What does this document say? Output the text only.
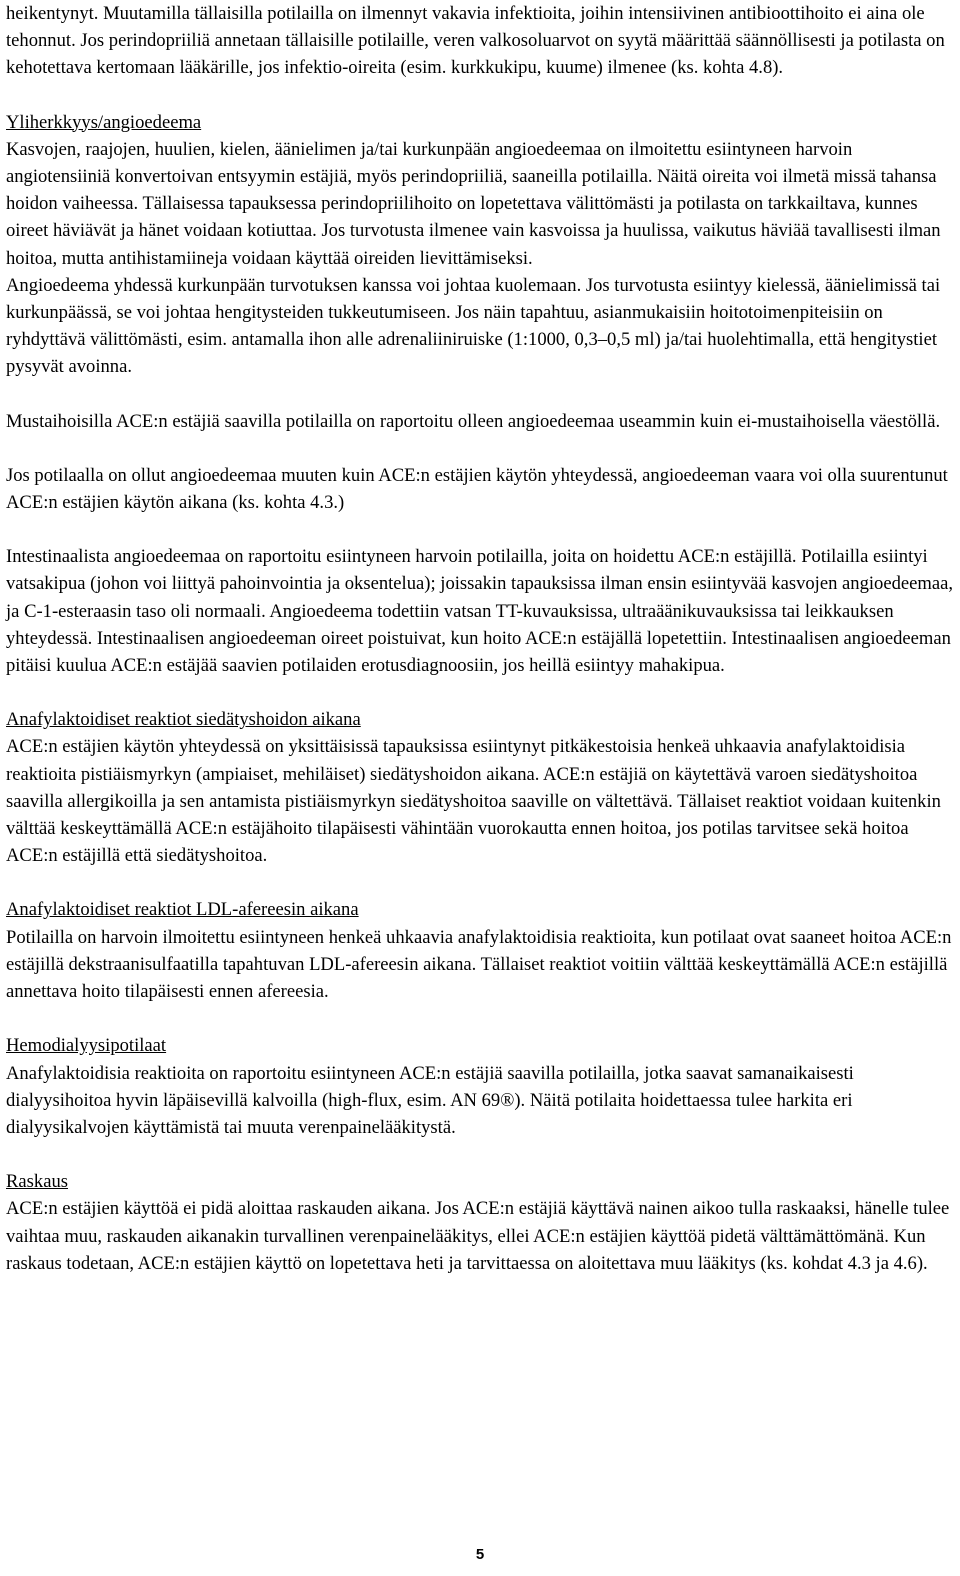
heikentynyt. Muutamilla tällaisilla potilailla on ilmennyt vakavia infektioita, joihin intensiivinen antibioottihoito ei aina ole tehonnut. Jos perindopriiliä annetaan tällaisille potilaille, veren valkosoluarvot on syytä määrittää säännöllisesti ja potilasta on kehotettava kertomaan lääkärille, jos infektio-oireita (esim. kurkkukipu, kuume) ilmenee (ks. kohta 4.8).

Yliherkkyys/angioedeema

Kasvojen, raajojen, huulien, kielen, äänielimen ja/tai kurkunpään angioedeemaa on ilmoitettu esiintyneen harvoin angiotensiiniä konvertoivan entsyymin estäjiä, myös perindopriiliä, saaneilla potilailla. Näitä oireita voi ilmetä missä tahansa hoidon vaiheessa. Tällaisessa tapauksessa perindopriilihoito on lopetettava välittömästi ja potilasta on tarkkailtava, kunnes oireet häviävät ja hänet voidaan kotiuttaa. Jos turvotusta ilmenee vain kasvoissa ja huulissa, vaikutus häviää tavallisesti ilman hoitoa, mutta antihistamiineja voidaan käyttää oireiden lievittämiseksi.

Angioedeema yhdessä kurkunpään turvotuksen kanssa voi johtaa kuolemaan. Jos turvotusta esiintyy kielessä, äänielimissä tai kurkunpäässä, se voi johtaa hengitysteiden tukkeutumiseen. Jos näin tapahtuu, asianmukaisiin hoitotoimenpiteisiin on ryhdyttävä välittömästi, esim. antamalla ihon alle adrenaliiniruiske (1:1000, 0,3–0,5 ml) ja/tai huolehtimalla, että hengitystiet pysyvät avoinna.

Mustaihoisilla ACE:n estäjiä saavilla potilailla on raportoitu olleen angioedeemaa useammin kuin ei-mustaihoisella väestöllä.

Jos potilaalla on ollut angioedeemaa muuten kuin ACE:n estäjien käytön yhteydessä, angioedeeman vaara voi olla suurentunut ACE:n estäjien käytön aikana (ks. kohta 4.3.)

Intestinaalista angioedeemaa on raportoitu esiintyneen harvoin potilailla, joita on hoidettu ACE:n estäjillä. Potilailla esiintyi vatsakipua (johon voi liittyä pahoinvointia ja oksentelua); joissakin tapauksissa ilman ensin esiintyvää kasvojen angioedeemaa, ja C-1-esteraasin taso oli normaali. Angioedeema todettiin vatsan TT-kuvauksissa, ultraäänikuvauksissa tai leikkauksen yhteydessä. Intestinaalisen angioedeeman oireet poistuivat, kun hoito ACE:n estäjällä lopetettiin. Intestinaalisen angioedeeman pitäisi kuulua ACE:n estäjää saavien potilaiden erotusdiagnoosiin, jos heillä esiintyy mahakipua.

Anafylaktoidiset reaktiot siedätyshoidon aikana

ACE:n estäjien käytön yhteydessä on yksittäisissä tapauksissa esiintynyt pitkäkestoisia henkeä uhkaavia anafylaktoidisia reaktioita pistiäismyrkyn (ampiaiset, mehiläiset) siedätyshoidon aikana. ACE:n estäjiä on käytettävä varoen siedätyshoitoa saavilla allergikoilla ja sen antamista pistiäismyrkyn siedätyshoitoa saaville on vältettävä. Tällaiset reaktiot voidaan kuitenkin välttää keskeyttämällä ACE:n estäjähoito tilapäisesti vähintään vuorokautta ennen hoitoa, jos potilas tarvitsee sekä hoitoa ACE:n estäjillä että siedätyshoitoa.

Anafylaktoidiset reaktiot LDL-afereesin aikana

Potilailla on harvoin ilmoitettu esiintyneen henkeä uhkaavia anafylaktoidisia reaktioita, kun potilaat ovat saaneet hoitoa ACE:n estäjillä dekstraanisulfaatilla tapahtuvan LDL-afereesin aikana. Tällaiset reaktiot voitiin välttää keskeyttämällä ACE:n estäjillä annettava hoito tilapäisesti ennen afereesia.

Hemodialyysipotilaat

Anafylaktoidisia reaktioita on raportoitu esiintyneen ACE:n estäjiä saavilla potilailla, jotka saavat samanaikaisesti dialyysihoitoa hyvin läpäisevillä kalvoilla (high-flux, esim. AN 69®). Näitä potilaita hoidettaessa tulee harkita eri dialyysikalvojen käyttämistä tai muuta verenpainelääkitystä.

Raskaus

ACE:n estäjien käyttöä ei pidä aloittaa raskauden aikana. Jos ACE:n estäjiä käyttävä nainen aikoo tulla raskaaksi, hänelle tulee vaihtaa muu, raskauden aikanakin turvallinen verenpainelääkitys, ellei ACE:n estäjien käyttöä pidetä välttämättömänä. Kun raskaus todetaan, ACE:n estäjien käyttö on lopetettava heti ja tarvittaessa on aloitettava muu lääkitys (ks. kohdat 4.3 ja 4.6).

5
